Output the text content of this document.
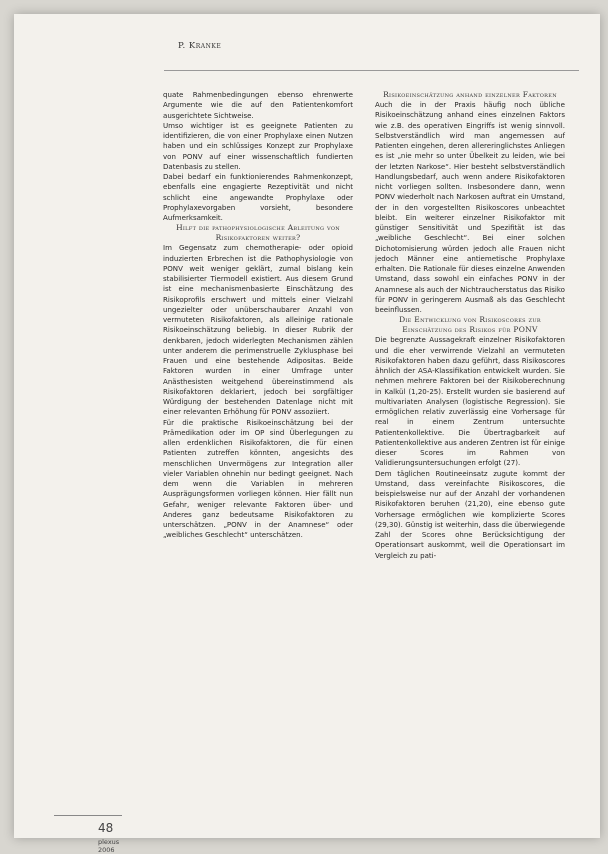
P. Kranke

quate Rahmenbedingungen ebenso ehrenwerte Argumente wie die auf den Patientenkomfort ausgerichtete Sichtweise.

Umso wichtiger ist es geeignete Patienten zu identifizieren, die von einer Prophylaxe einen Nutzen haben und ein schlüssiges Konzept zur Prophylaxe von PONV auf einer wissenschaftlich fundierten Datenbasis zu stellen.

Dabei bedarf ein funktionierendes Rahmenkonzept, ebenfalls eine engagierte Rezeptivität und nicht schlicht eine angewandte Prophylaxe oder Prophylaxevorgaben vorsieht, besondere Aufmerksamkeit.

Hilft die pathophysiologische Ableitung von Risikofaktoren weiter?

Im Gegensatz zum chemotherapie- oder opioid induzierten Erbrechen ist die Pathophysiologie von PONV weit weniger geklärt, zumal bislang kein stabilisierter Tiermodell existiert. Aus diesem Grund ist eine mechanismenbasierte Einschätzung des Risikoprofils erschwert und mittels einer Vielzahl ungezielter oder unüberschaubarer Anzahl von vermuteten Risikofaktoren, als alleinige rationale Risikoeinschätzung beliebig. In dieser Rubrik der denkbaren, jedoch widerlegten Mechanismen zählen unter anderem die perimenstruelle Zyklusphase bei Frauen und eine bestehende Adipositas. Beide Faktoren wurden in einer Umfrage unter Anästhesisten weitgehend übereinstimmend als Risikofaktoren deklariert, jedoch bei sorgfältiger Würdigung der bestehenden Datenlage nicht mit einer relevanten Erhöhung für PONV assoziiert.

Für die praktische Risikoeinschätzung bei der Prämedikation oder im OP sind Überlegungen zu allen erdenklichen Risikofaktoren, die für einen Patienten zutreffen könnten, angesichts des menschlichen Unvermögens zur Integration aller vieler Variablen ohnehin nur bedingt geeignet. Nach dem wenn die Variablen in mehreren Ausprägungsformen vorliegen können. Hier fällt nun Gefahr, weniger relevante Faktoren über- und Anderes ganz bedeutsame Risikofaktoren zu unterschätzen. „PONV in der Anamnese“ oder „weibliches Geschlecht“ unterschätzen.

Risikoeinschätzung anhand einzelner Faktoren

Auch die in der Praxis häufig noch übliche Risikoeinschätzung anhand eines einzelnen Faktors wie z.B. des operativen Eingriffs ist wenig sinnvoll. Selbstverständlich wird man angemessen auf Patienten eingehen, deren allereringlichstes Anliegen es ist „nie mehr so unter Übelkeit zu leiden, wie bei der letzten Narkose“. Hier besteht selbstverständlich Handlungsbedarf, auch wenn andere Risikofaktoren nicht vorliegen sollten. Insbesondere dann, wenn PONV wiederholt nach Narkosen auftrat ein Umstand, der in den vorgestellten Risikoscores unbeachtet bleibt. Ein weiterer einzelner Risikofaktor mit günstiger Sensitivität und Spezifität ist das „weibliche Geschlecht“. Bei einer solchen Dichotomisierung würden jedoch alle Frauen nicht jedoch Männer eine antiemetische Prophylaxe erhalten. Die Rationale für dieses einzelne Anwenden Umstand, dass sowohl ein einfaches PONV in der Anamnese als auch der Nichtraucherstatus das Risiko für PONV in geringerem Ausmaß als das Geschlecht beeinflussen.

Die Entwicklung von Risikoscores zur Einschätzung des Risikos für PONV

Die begrenzte Aussagekraft einzelner Risikofaktoren und die eher verwirrende Vielzahl an vermuteten Risikofaktoren haben dazu geführt, dass Risikoscores ähnlich der ASA-Klassifikation entwickelt wurden. Sie nehmen mehrere Faktoren bei der Risikoberechnung in Kalkül (1,20-25). Erstellt wurden sie basierend auf multivariaten Analysen (logistische Regression). Sie ermöglichen relativ zuverlässig eine Vorhersage für real in einem Zentrum untersuchte Patientenkollektive. Die Übertragbarkeit auf Patientenkollektive aus anderen Zentren ist für einige dieser Scores im Rahmen von Validierungsuntersuchungen erfolgt (27).

Dem täglichen Routineeinsatz zugute kommt der Umstand, dass vereinfachte Risikoscores, die beispielsweise nur auf der Anzahl der vorhandenen Risikofaktoren beruhen (21,20), eine ebenso gute Vorhersage ermöglichen wie komplizierte Scores (29,30). Günstig ist weiterhin, dass die überwiegende Zahl der Scores ohne Berücksichtigung der Operationsart auskommt, weil die Operationsart im Vergleich zu pati-

48
plexus
2006
